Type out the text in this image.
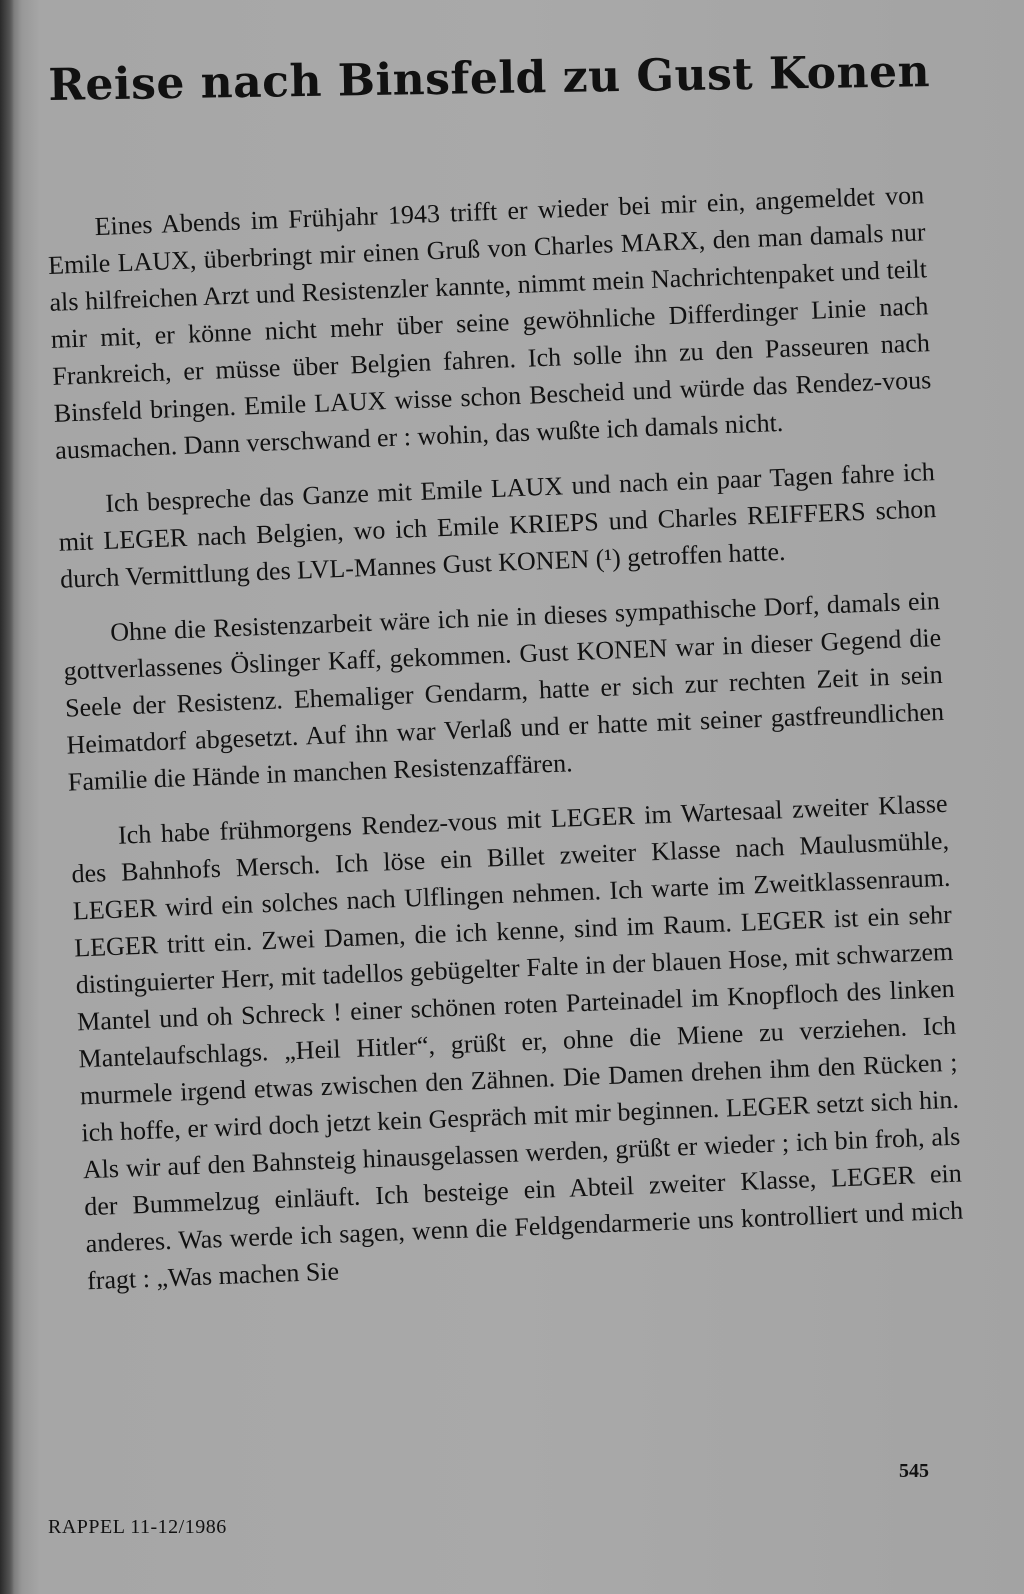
Reise nach Binsfeld zu Gust Konen

Eines Abends im Frühjahr 1943 trifft er wieder bei mir ein, angemeldet von Emile LAUX, überbringt mir einen Gruß von Charles MARX, den man damals nur als hilfreichen Arzt und Resistenzler kannte, nimmt mein Nachrichtenpaket und teilt mir mit, er könne nicht mehr über seine gewöhnliche Differdinger Linie nach Frankreich, er müsse über Belgien fahren. Ich solle ihn zu den Passeuren nach Binsfeld bringen. Emile LAUX wisse schon Bescheid und würde das Rendez-vous ausmachen. Dann verschwand er : wohin, das wußte ich damals nicht.

Ich bespreche das Ganze mit Emile LAUX und nach ein paar Tagen fahre ich mit LEGER nach Belgien, wo ich Emile KRIEPS und Charles REIFFERS schon durch Vermittlung des LVL-Mannes Gust KONEN (¹) getroffen hatte.

Ohne die Resistenzarbeit wäre ich nie in dieses sympathische Dorf, damals ein gottverlassenes Öslinger Kaff, gekommen. Gust KONEN war in dieser Gegend die Seele der Resistenz. Ehemaliger Gendarm, hatte er sich zur rechten Zeit in sein Heimatdorf abgesetzt. Auf ihn war Verlaß und er hatte mit seiner gastfreundlichen Familie die Hände in manchen Resistenzaffären.

Ich habe frühmorgens Rendez-vous mit LEGER im Wartesaal zweiter Klasse des Bahnhofs Mersch. Ich löse ein Billet zweiter Klasse nach Maulusmühle, LEGER wird ein solches nach Ulflingen nehmen. Ich warte im Zweitklassenraum. LEGER tritt ein. Zwei Damen, die ich kenne, sind im Raum. LEGER ist ein sehr distinguierter Herr, mit tadellos gebügelter Falte in der blauen Hose, mit schwarzem Mantel und oh Schreck ! einer schönen roten Parteinadel im Knopfloch des linken Mantelaufschlags. „Heil Hitler“, grüßt er, ohne die Miene zu verziehen. Ich murmele irgend etwas zwischen den Zähnen. Die Damen drehen ihm den Rücken ; ich hoffe, er wird doch jetzt kein Gespräch mit mir beginnen. LEGER setzt sich hin. Als wir auf den Bahnsteig hinausgelassen werden, grüßt er wieder ; ich bin froh, als der Bummelzug einläuft. Ich besteige ein Abteil zweiter Klasse, LEGER ein anderes. Was werde ich sagen, wenn die Feldgendarmerie uns kontrolliert und mich fragt : „Was machen Sie

545
RAPPEL 11-12/1986
